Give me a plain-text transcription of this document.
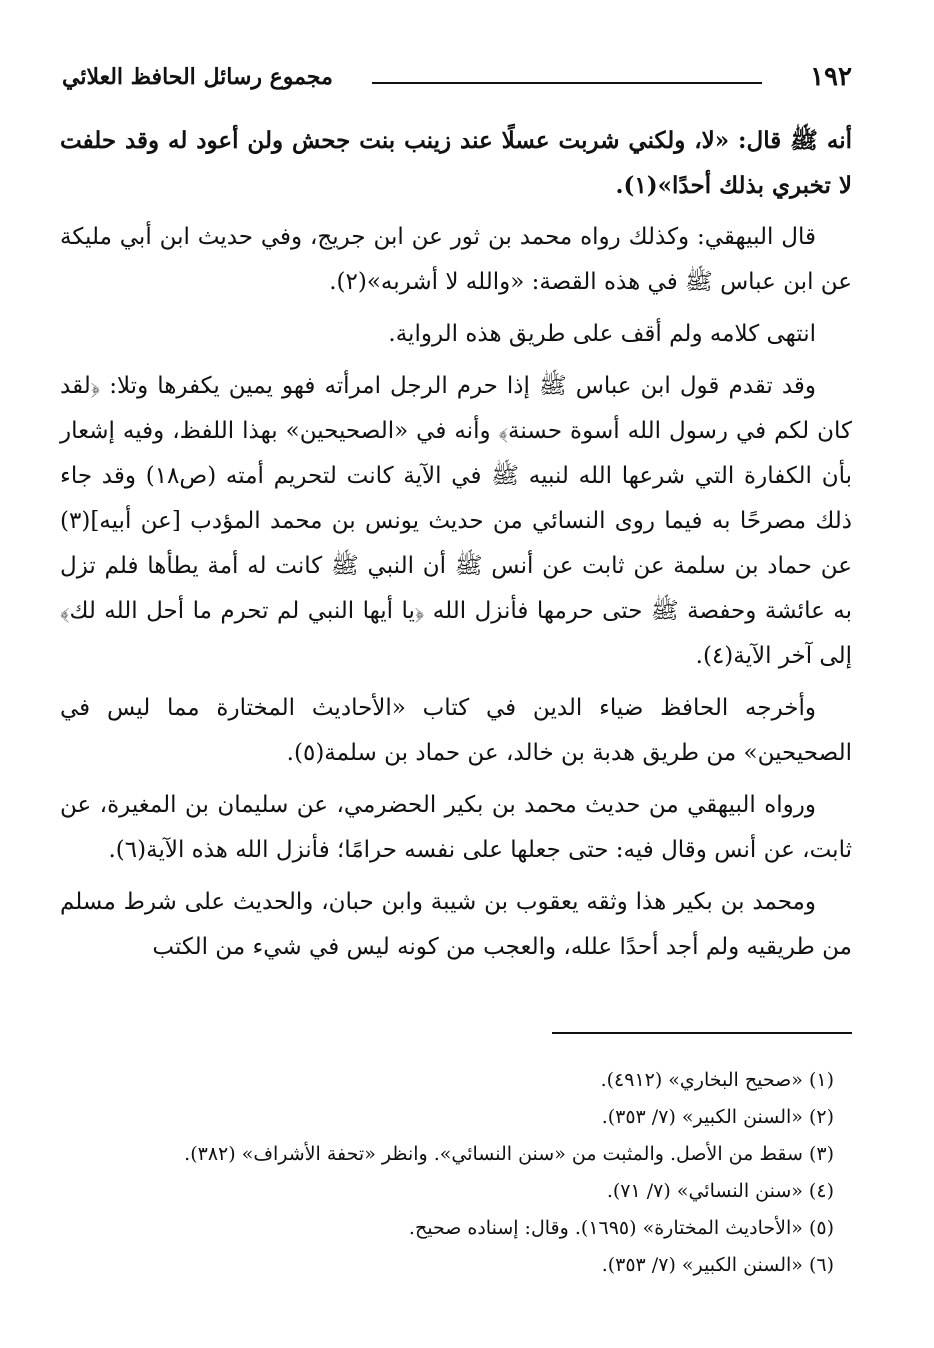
١٩٢
مجموع رسائل الحافظ العلائي

أنه ﷺ قال: «لا، ولكني شربت عسلًا عند زينب بنت جحش ولن أعود له وقد حلفت لا تخبري بذلك أحدًا»(١).

قال البيهقي: وكذلك رواه محمد بن ثور عن ابن جريج، وفي حديث ابن أبي مليكة عن ابن عباس ﷺ في هذه القصة: «والله لا أشربه»(٢).

انتهى كلامه ولم أقف على طريق هذه الرواية.

وقد تقدم قول ابن عباس ﷺ إذا حرم الرجل امرأته فهو يمين يكفرها وتلا: ﴿لقد كان لكم في رسول الله أسوة حسنة﴾ وأنه في «الصحيحين» بهذا اللفظ، وفيه إشعار بأن الكفارة التي شرعها الله لنبيه ﷺ في الآية كانت لتحريم أمته (ص١٨) وقد جاء ذلك مصرحًا به فيما روى النسائي من حديث يونس بن محمد المؤدب [عن أبيه](٣) عن حماد بن سلمة عن ثابت عن أنس ﷺ أن النبي ﷺ كانت له أمة يطأها فلم تزل به عائشة وحفصة ﷺ حتى حرمها فأنزل الله ﴿يا أيها النبي لم تحرم ما أحل الله لك﴾ إلى آخر الآية(٤).

وأخرجه الحافظ ضياء الدين في كتاب «الأحاديث المختارة مما ليس في الصحيحين» من طريق هدبة بن خالد، عن حماد بن سلمة(٥).

ورواه البيهقي من حديث محمد بن بكير الحضرمي، عن سليمان بن المغيرة، عن ثابت، عن أنس وقال فيه: حتى جعلها على نفسه حرامًا؛ فأنزل الله هذه الآية(٦).

ومحمد بن بكير هذا وثقه يعقوب بن شيبة وابن حبان، والحديث على شرط مسلم من طريقيه ولم أجد أحدًا علله، والعجب من كونه ليس في شيء من الكتب

(١) «صحيح البخاري» (٤٩١٢).
(٢) «السنن الكبير» (٧/ ٣٥٣).
(٣) سقط من الأصل. والمثبت من «سنن النسائي». وانظر «تحفة الأشراف» (٣٨٢).
(٤) «سنن النسائي» (٧/ ٧١).
(٥) «الأحاديث المختارة» (١٦٩٥). وقال: إسناده صحيح.
(٦) «السنن الكبير» (٧/ ٣٥٣).
